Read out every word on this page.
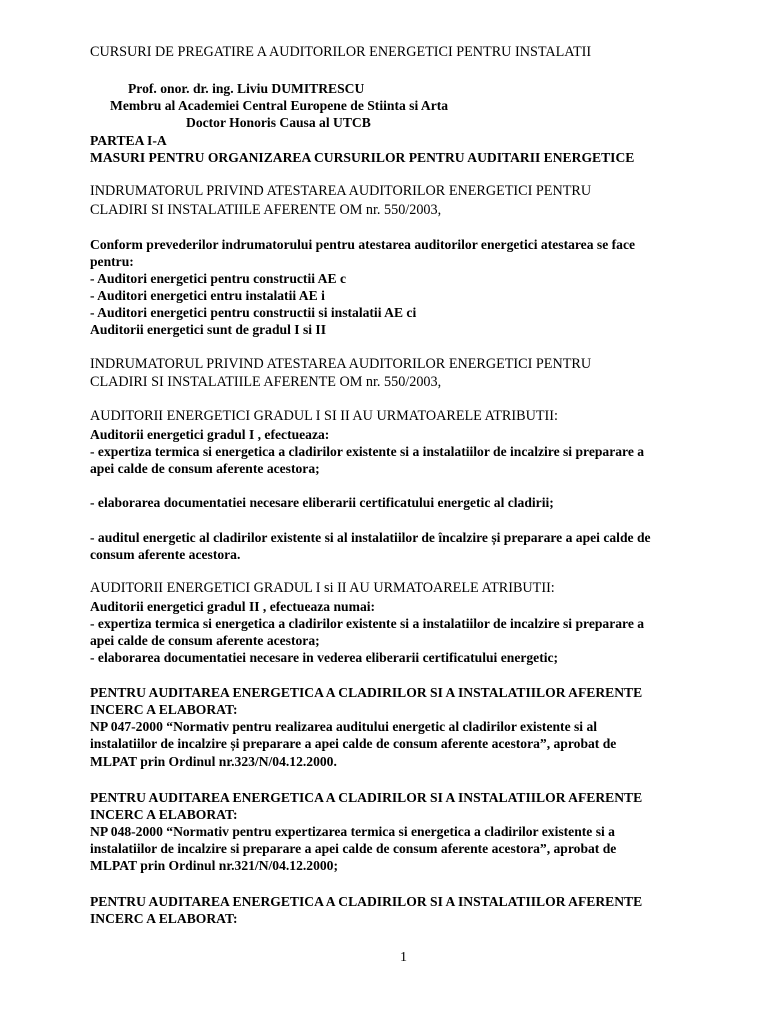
CURSURI DE PREGATIRE A AUDITORILOR ENERGETICI PENTRU INSTALATII

Prof. onor. dr. ing. Liviu DUMITRESCU

Membru al Academiei Central Europene de Stiinta si Arta

Doctor Honoris Causa al UTCB

PARTEA I-A

MASURI PENTRU ORGANIZAREA CURSURILOR PENTRU AUDITARII ENERGETICE

INDRUMATORUL PRIVIND ATESTAREA AUDITORILOR ENERGETICI PENTRU

CLADIRI SI INSTALATIILE AFERENTE OM nr. 550/2003,

Conform prevederilor indrumatorului pentru atestarea auditorilor energetici atestarea se face

pentru:

- Auditori energetici pentru constructii AE c

- Auditori energetici entru instalatii AE i

- Auditori energetici pentru constructii si instalatii AE ci

Auditorii energetici sunt de gradul I si II

INDRUMATORUL PRIVIND ATESTAREA AUDITORILOR ENERGETICI PENTRU

CLADIRI SI INSTALATIILE AFERENTE OM nr. 550/2003,

AUDITORII ENERGETICI GRADUL I SI II AU URMATOARELE ATRIBUTII:

Auditorii energetici gradul I , efectueaza:

- expertiza termica si energetica a cladirilor existente si a instalatiilor de incalzire si preparare a

apei calde de consum aferente acestora;

- elaborarea documentatiei necesare eliberarii certificatului energetic al cladirii;

- auditul energetic al cladirilor existente si al instalatiilor de încalzire și preparare a apei calde de

consum aferente acestora.

AUDITORII ENERGETICI GRADUL I si II AU URMATOARELE ATRIBUTII:

Auditorii energetici gradul II , efectueaza numai:

- expertiza termica si energetica a cladirilor existente si a instalatiilor de incalzire si preparare a

apei calde de consum aferente acestora;

- elaborarea documentatiei necesare in vederea eliberarii certificatului energetic;

PENTRU AUDITAREA ENERGETICA A CLADIRILOR SI A INSTALATIILOR AFERENTE

INCERC A ELABORAT:

NP 047-2000 “Normativ pentru realizarea auditului energetic al cladirilor existente si al

instalatiilor de incalzire și preparare a apei calde de consum aferente acestora”, aprobat de

MLPAT prin Ordinul nr.323/N/04.12.2000.

PENTRU AUDITAREA ENERGETICA A CLADIRILOR SI A INSTALATIILOR AFERENTE

INCERC A ELABORAT:

NP 048-2000 “Normativ pentru expertizarea termica si energetica a cladirilor existente si a

instalatiilor de incalzire si preparare a apei calde de consum aferente acestora”, aprobat de

MLPAT prin Ordinul nr.321/N/04.12.2000;

PENTRU AUDITAREA ENERGETICA A CLADIRILOR SI A INSTALATIILOR AFERENTE

INCERC A ELABORAT:

1
